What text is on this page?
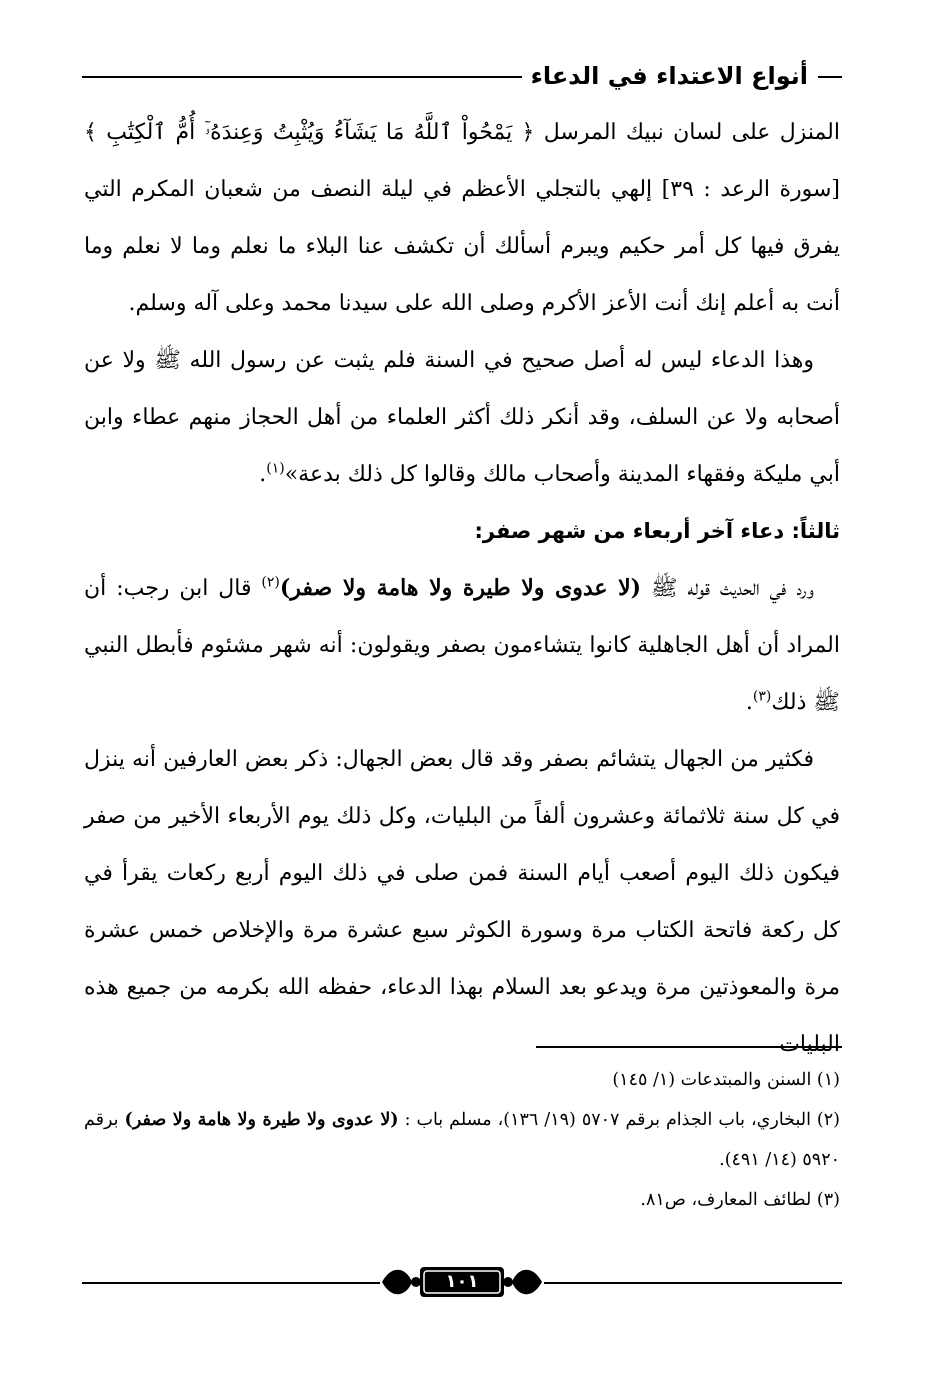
أنواع الاعتداء في الدعاء

المنزل على لسان نبيك المرسل ﴿ يَمْحُواْ ٱللَّهُ مَا يَشَآءُ وَيُثْبِتُ وَعِندَهُۥٓ أُمُّ ٱلْكِتَٰبِ ﴾ [سورة الرعد : ٣٩] إلهي بالتجلي الأعظم في ليلة النصف من شعبان المكرم التي يفرق فيها كل أمر حكيم ويبرم أسألك أن تكشف عنا البلاء ما نعلم وما لا نعلم وما أنت به أعلم إنك أنت الأعز الأكرم وصلى الله على سيدنا محمد وعلى آله وسلم.

وهذا الدعاء ليس له أصل صحيح في السنة فلم يثبت عن رسول الله ﷺ ولا عن أصحابه ولا عن السلف، وقد أنكر ذلك أكثر العلماء من أهل الحجاز منهم عطاء وابن أبي مليكة وفقهاء المدينة وأصحاب مالك وقالوا كل ذلك بدعة»$^{(١)}$.

ثالثاً: دعاء آخر أربعاء من شهر صفر:

ورد في الحديث قوله ﷺ (لا عدوى ولا طيرة ولا هامة ولا صفر)$^{(٢)}$ قال ابن رجب: أن المراد أن أهل الجاهلية كانوا يتشاءمون بصفر ويقولون: أنه شهر مشئوم فأبطل النبي ﷺ ذلك$^{(٣)}$.

فكثير من الجهال يتشائم بصفر وقد قال بعض الجهال: ذكر بعض العارفين أنه ينزل في كل سنة ثلاثمائة وعشرون ألفاً من البليات، وكل ذلك يوم الأربعاء الأخير من صفر فيكون ذلك اليوم أصعب أيام السنة فمن صلى في ذلك اليوم أربع ركعات يقرأ في كل ركعة فاتحة الكتاب مرة وسورة الكوثر سبع عشرة مرة والإخلاص خمس عشرة مرة والمعوذتين مرة ويدعو بعد السلام بهذا الدعاء، حفظه الله بكرمه من جميع هذه البليات

(١) السنن والمبتدعات (١/ ١٤٥)

(٢) البخاري، باب الجذام برقم ٥٧٠٧ (١٩/ ١٣٦)، مسلم باب : (لا عدوى ولا طيرة ولا هامة ولا صفر) برقم ٥٩٢٠ (١٤/ ٤٩١).

(٣) لطائف المعارف، ص٨١.

١٠١
